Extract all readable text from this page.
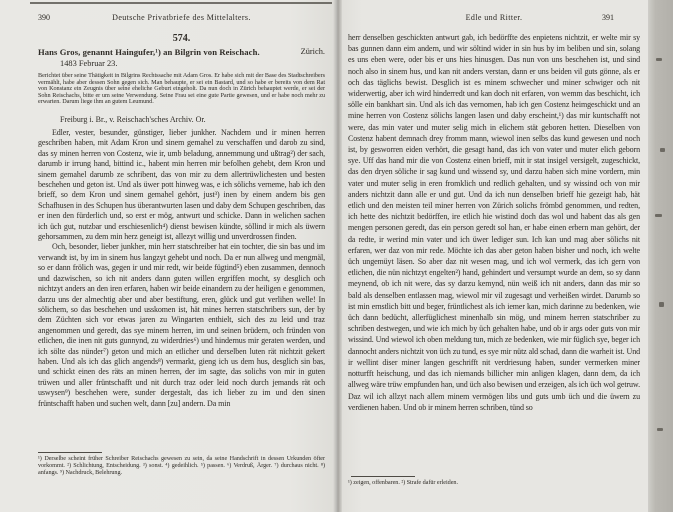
390	Deutsche Privatbriefe des Mittelalters.
574.
Hans Gros, genannt Haingufer,¹) an Bilgrin von Reischach.	Zürich.
1483 Februar 23.
Berichtet über seine Thätigkeit in Bilgrins Rechtssache mit Adam Gros. Er habe sich mit der Base des Stadtschreibers vermählt, habe aber dessen Sohn gegen sich. Man behaupte, er sei ein Bastard, und so habe er bereits von dem Rat von Konstanz ein Zeugnis über seine eheliche Geburt eingeholt. Da nun doch in Zürich behauptet werde, er sei der Sohn Reischachs, bitte er um seine Verwendung. Seine Frau sei eine gute Partie gewesen, und er habe noch mehr zu erwarten. Darum liege ihm an gutem Leumund.
Freiburg i. Br., v. Reischach'sches Archiv. Or.

Edler, vester, besunder, günstiger, lieber junkher. Nachdem und ir minen herren geschriben haben, mit Adam Kron und sinem gemahel zu verschaffen und darob zu sind, das sy minen herren von Costenz, wie ir, umb beladung, annemmung und ußtrag²) der sach, darumb ir irrung hand, bittind ic., habent min herren mir befolhen gehebt, dem Kron und sinem gemahel darumb ze schribent, das von mir zu dem allertrüwlichesten und besten beschehen und geton ist. Und als üwer pott hinweg was, e ich sölichs verneme, hab ich den brieff, so dem Kron und sinem gemahel gehört, just³) inen by einem andern bis gen Schafhusen in des Schupen hus überantwurten lasen und daby dem Schupen geschriben, das er inen den fürderlich und, so erst er mög, antwurt und schicke. Dann in welichen sachen ich üch gut, nutzbar und erschiesenlich⁴) dienst bewisen kündte, söllind ir mich als üwern gehorsammen, zu dem min herz geneigt ist, allezyt willig und unverdrossen finden.

Och, besonder, lieber junkher, min herr statschreiber hat ein tochter, die sin bas und im verwandt ist, by im in sinem hus langzyt gehebt und noch. Da er nun allweg und mengmäl, so er dann frölich was, gegen ir und mir redt, wir beide fügtind⁵) eben zusammen, dennoch und dazwischen, so ich nit anders dann guten willen ergriffen mocht, sy desglich och nichtzyt anders an den iren erfaren, haben wir beide einandern zu der heiligen e genommen, darzu uns der almechtig aber und aber bestiftung, eren, glück und gut verlihen welle! In sölichem, so das beschehen und usskomen ist, hät mines herren statschribers sun, der by dem Züchten sich vor etwas jaren zu Wingarten enthielt, sich des zu leid und traz angenommen und geredt, das sye minem herren, im und seinen brüdern, och fründen von etlichen, die inen nit guts gunnynd, zu widerdries⁶) und hindernus mir geraten werden, und ich sölte das nünder⁷) geton und mich an etlicher und derselben luten rät nichtzit gekert haben. Und als ich das glich angends⁸) vermarkt, gieng ich us dem hus, desglich sin bas, und schickt einen des räts an minen herren, der im sagte, das solichs von mir in guten trüwen und aller früntschafft und nit durch traz oder leid noch durch jemands rät och uswysen⁹) beschehen were, sunder dergestalt, das ich lieber zu im und den sinen früntschafft haben und suchen welt, dann [zu] andern. Da min

¹) Derselbe scheint früher Schreiber Reischachs gewesen zu sein, da seine Handschrift in dessen Urkunden öfter vorkommt. ²) Schlichtung, Entscheidung. ³) sonst. ⁴) gedeihlich. ⁵) passen. ⁶) Verdruß, Ärger. ⁷) durchaus nicht. ⁸) anfangs. ⁹) Nachdruck, Belehrung.
Edle und Ritter.	391

herr denselben geschickten antwurt gab, ich bedörffte des enpietens nichtzit, er welte mir sy bas gunnen dann eim andern, und wir söltind wider in sin hus by im beliben und sin, solang es uns eben were, oder bis er uns hies hinusgen. Das nun von uns beschehen ist, und sind noch also in sinem hus, und kan nit anders verstan, dann er uns beiden vil guts gönne, als er och das täglichs bewist. Desglich ist es minem schwecher und miner schwiger och nit widerwertig, aber ich wird hinderredt und kan doch nit erfaren, von wemm das beschicht, ich sölle ein bankhart sin. Und als ich das vernomen, hab ich gen Costenz heimgeschickt und an mine herren von Costenz sölichs langen lasen und daby erscheint,¹) das mir kuntschafft not were, das min vater und muter selig mich in elichem stät geboren hetten. Dieselben von Costenz habent demnach drey fromm mann, wiewol inen selbs das kund gewesen und noch ist, by gesworren eiden verhört, die gesagt hand, das ich von vater und muter elich geborn sye. Uff das hand mir die von Costenz einen brieff, mit ir stat insigel versigelt, zugeschickt, das den dryen söliche ir sag kund und wissend sy, und darzu haben sich mine vordern, min vater und muter selig in eren fromklich und redlich gehalten, und sy wissind och von mir anders nichtzit dann alle er und gut. Und da ich nun denselben brieff hie gezeigt hab, hät etlich und den meisten teil miner herren von Zürich solichs frömbd genommen, und redten, ich hette des nichtzit bedörffen, ire etlich hie wistind doch das wol und habent das als gen mengen personen geredt, das ein person geredt sol han, er habe einen erbern man gehört, der da redte, ir werind min vater und ich üwer lediger sun. Ich kan und mag aber sölichs nit erfaren, wer daz von mir rede. Möchte ich das aber geton haben bisher und noch, ich welte üch ungemüyt läsen. So aber daz nit wesen mag, und ich wol vermerk, das ich gern von etlichen, die nün nichtzyt engelten²) hand, gehindert und versumpt wurde an dem, so sy dann meynend, ob ich nit were, das sy darzu kemynd, nün weiß ich nit anders, dann das mir so bald als denselben entlassen mag, wiewol mir vil zugesagt und verheißen wirdet. Darumb so ist min ernstlich bitt und beger, früntlichest als ich iemer kan, mich darinne zu bedenken, wie üch dann bedücht, allerfüglichest minenhalb sin mög, und minem herren statschriber zu schriben destwegen, und wie ich mich by üch gehalten habe, und ob ir args oder guts von mir wissind. Und wiewol ich oben meldung tun, mich ze bedenken, wie mir füglich sye, beger ich dannocht anders nichtzit von üch zu tund, es sye mir nütz ald schad, dann die warheit ist. Und ir wellint diser miner langen geschrifft nit verdriesung haben, sunder vermerken miner notturfft heischung, und das ich niemands billicher min anligen klagen, dann dem, da ich allweg wäre trüw empfunden han, und üch also bewisen und erzeigen, als ich üch wol getruw. Daz wil ich allzyt nach allem minem vermögen libs und guts umb üch und die üwern zu verdienen haben. Und ob ir minem herren schriben, tünd so

¹) zeigen, offenbaren. ²) Strafe dafür erleiden.
